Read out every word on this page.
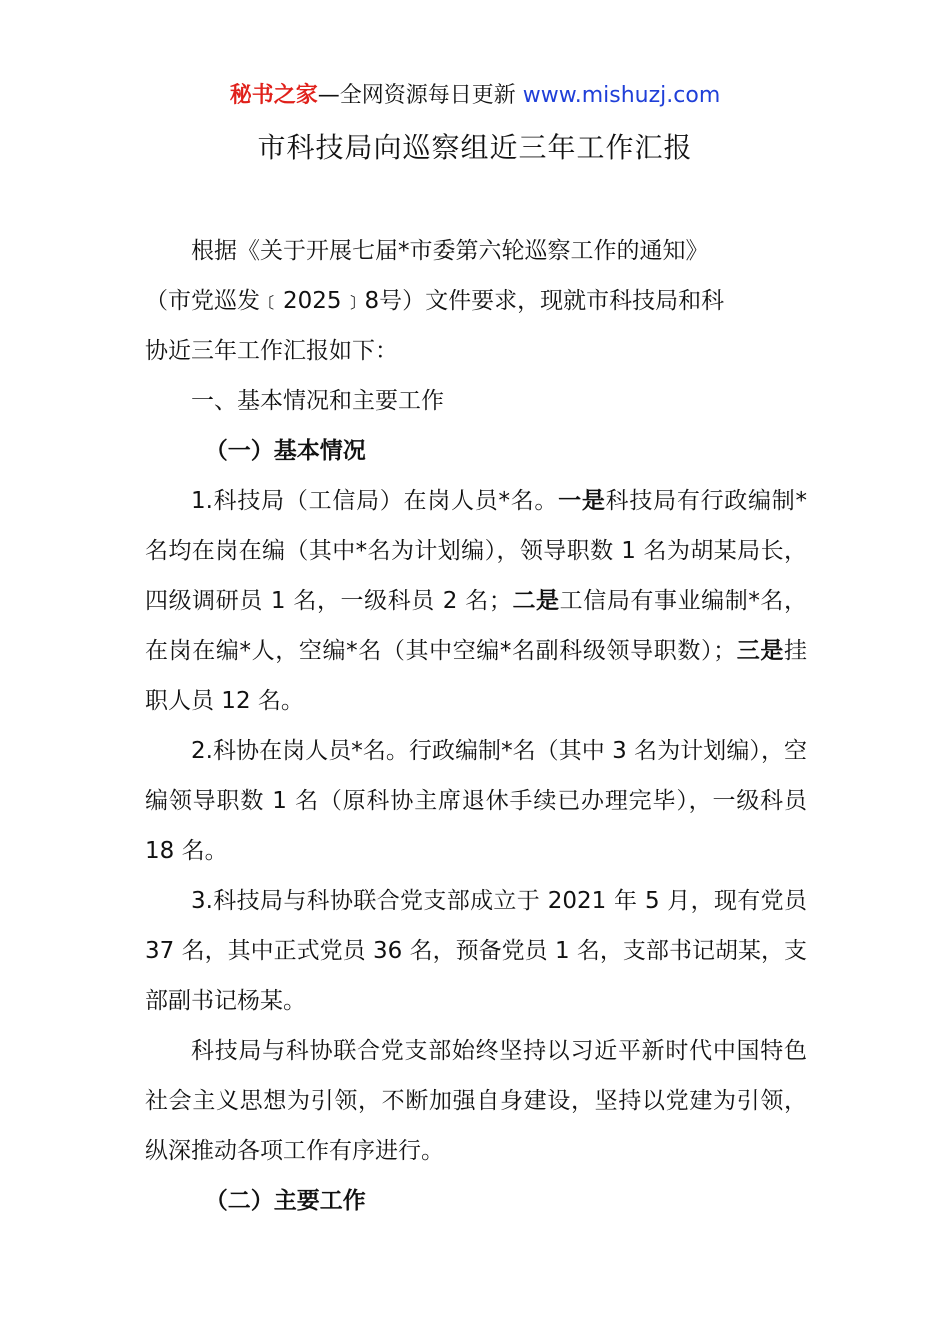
秘书之家—全网资源每日更新 www.mishuzj.com
市科技局向巡察组近三年工作汇报

根据《关于开展七届*市委第六轮巡察工作的通知》

（市党巡发﹝2025﹞8号）文件要求，现就市科技局和科

协近三年工作汇报如下：

一、基本情况和主要工作

（一）基本情况

1.科技局（工信局）在岗人员*名。一是科技局有行政编制*名均在岗在编（其中*名为计划编），领导职数 1 名为胡某局长，四级调研员 1 名，一级科员 2 名；二是工信局有事业编制*名，在岗在编*人，空编*名（其中空编*名副科级领导职数）；三是挂职人员 12 名。

2.科协在岗人员*名。行政编制*名（其中 3 名为计划编），空编领导职数 1 名（原科协主席退休手续已办理完毕），一级科员 18 名。

3.科技局与科协联合党支部成立于 2021 年 5 月，现有党员 37 名，其中正式党员 36 名，预备党员 1 名，支部书记胡某，支部副书记杨某。

科技局与科协联合党支部始终坚持以习近平新时代中国特色社会主义思想为引领，不断加强自身建设，坚持以党建为引领，纵深推动各项工作有序进行。

（二）主要工作
